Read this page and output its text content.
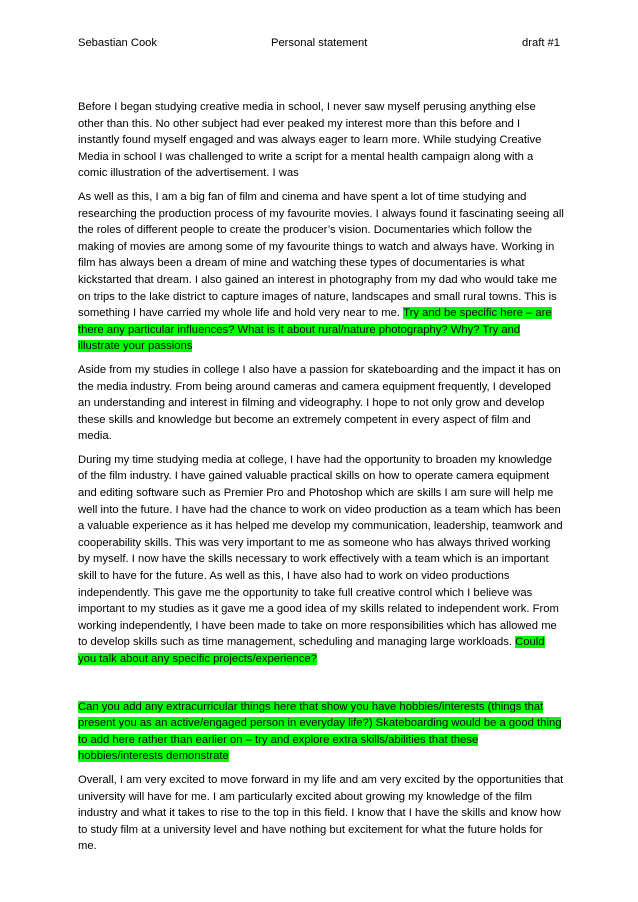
Sebastian Cook	Personal statement	draft #1

Before I began studying creative media in school, I never saw myself perusing anything else other than this. No other subject had ever peaked my interest more than this before and I instantly found myself engaged and was always eager to learn more. While studying Creative Media in school I was challenged to write a script for a mental health campaign along with a comic illustration of the advertisement. I was

As well as this, I am a big fan of film and cinema and have spent a lot of time studying and researching the production process of my favourite movies. I always found it fascinating seeing all the roles of different people to create the producer’s vision. Documentaries which follow the making of movies are among some of my favourite things to watch and always have. Working in film has always been a dream of mine and watching these types of documentaries is what kickstarted that dream. I also gained an interest in photography from my dad who would take me on trips to the lake district to capture images of nature, landscapes and small rural towns. This is something I have carried my whole life and hold very near to me. Try and be specific here – are there any particular influences? What is it about rural/nature photography? Why? Try and illustrate your passions

Aside from my studies in college I also have a passion for skateboarding and the impact it has on the media industry. From being around cameras and camera equipment frequently, I developed an understanding and interest in filming and videography. I hope to not only grow and develop these skills and knowledge but become an extremely competent in every aspect of film and media.

During my time studying media at college, I have had the opportunity to broaden my knowledge of the film industry. I have gained valuable practical skills on how to operate camera equipment and editing software such as Premier Pro and Photoshop which are skills I am sure will help me well into the future. I have had the chance to work on video production as a team which has been a valuable experience as it has helped me develop my communication, leadership, teamwork and cooperability skills. This was very important to me as someone who has always thrived working by myself. I now have the skills necessary to work effectively with a team which is an important skill to have for the future. As well as this, I have also had to work on video productions independently. This gave me the opportunity to take full creative control which I believe was important to my studies as it gave me a good idea of my skills related to independent work. From working independently, I have been made to take on more responsibilities which has allowed me to develop skills such as time management, scheduling and managing large workloads. Could you talk about any specific projects/experience?

Can you add any extracurricular things here that show you have hobbies/interests (things that present you as an active/engaged person in everyday life?) Skateboarding would be a good thing to add here rather than earlier on – try and explore extra skills/abilities that these hobbies/interests demonstrate

Overall, I am very excited to move forward in my life and am very excited by the opportunities that university will have for me. I am particularly excited about growing my knowledge of the film industry and what it takes to rise to the top in this field. I know that I have the skills and know how to study film at a university level and have nothing but excitement for what the future holds for me.
